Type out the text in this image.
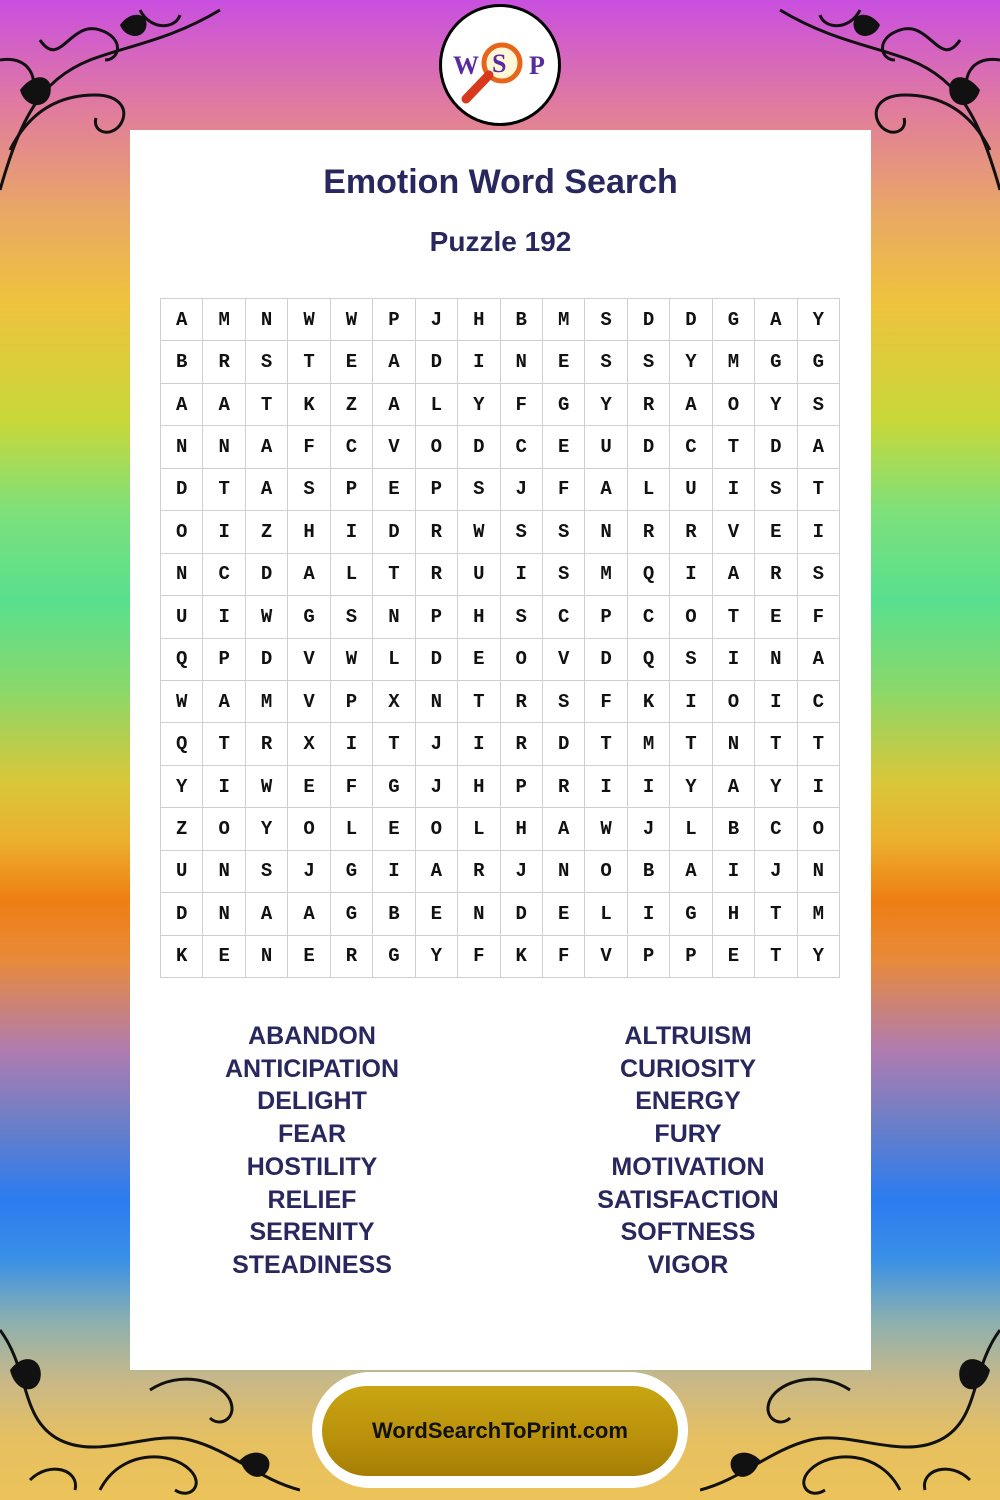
W S P
Emotion Word Search
Puzzle 192
A	M	N	W	W	P	J	H	B	M	S	D	D	G	A	Y
B	R	S	T	E	A	D	I	N	E	S	S	Y	M	G	G
A	A	T	K	Z	A	L	Y	F	G	Y	R	A	O	Y	S
N	N	A	F	C	V	O	D	C	E	U	D	C	T	D	A
D	T	A	S	P	E	P	S	J	F	A	L	U	I	S	T
O	I	Z	H	I	D	R	W	S	S	N	R	R	V	E	I
N	C	D	A	L	T	R	U	I	S	M	Q	I	A	R	S
U	I	W	G	S	N	P	H	S	C	P	C	O	T	E	F
Q	P	D	V	W	L	D	E	O	V	D	Q	S	I	N	A
W	A	M	V	P	X	N	T	R	S	F	K	I	O	I	C
Q	T	R	X	I	T	J	I	R	D	T	M	T	N	T	T
Y	I	W	E	F	G	J	H	P	R	I	I	Y	A	Y	I
Z	O	Y	O	L	E	O	L	H	A	W	J	L	B	C	O
U	N	S	J	G	I	A	R	J	N	O	B	A	I	J	N
D	N	A	A	G	B	E	N	D	E	L	I	G	H	T	M
K	E	N	E	R	G	Y	F	K	F	V	P	P	E	T	Y
ABANDON
ANTICIPATION
DELIGHT
FEAR
HOSTILITY
RELIEF
SERENITY
STEADINESS
ALTRUISM
CURIOSITY
ENERGY
FURY
MOTIVATION
SATISFACTION
SOFTNESS
VIGOR
WordSearchToPrint.com
